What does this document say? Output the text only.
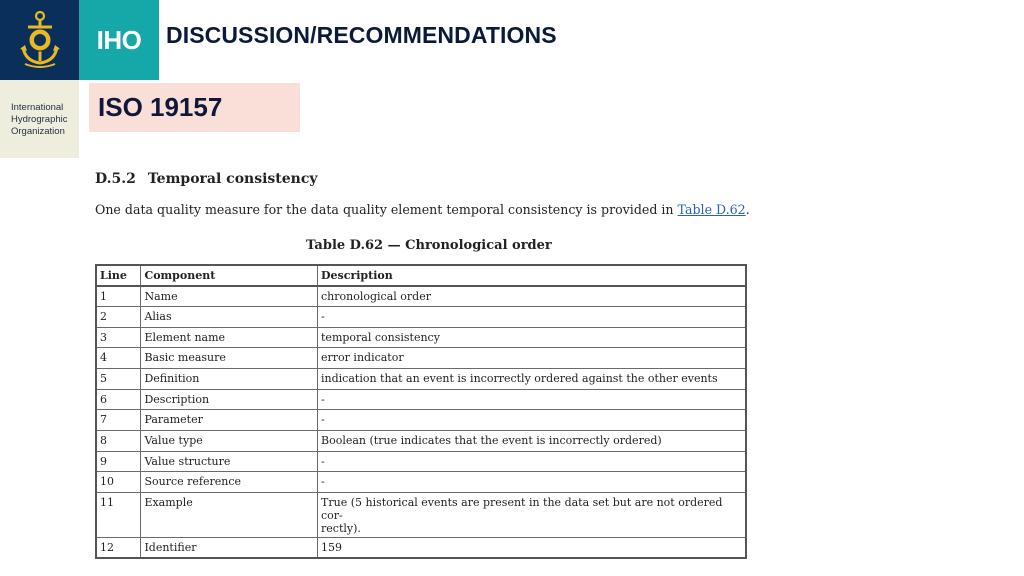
IHO
International
Hydrographic
Organization
DISCUSSION/RECOMMENDATIONS
ISO 19157
D.5.2 Temporal consistency
One data quality measure for the data quality element temporal consistency is provided in Table D.62.
Table D.62 — Chronological order
Line	Component	Description
1	Name	chronological order
2	Alias	-
3	Element name	temporal consistency
4	Basic measure	error indicator
5	Definition	indication that an event is incorrectly ordered against the other events
6	Description	-
7	Parameter	-
8	Value type	Boolean (true indicates that the event is incorrectly ordered)
9	Value structure	-
10	Source reference	-
11	Example	True (5 historical events are present in the data set but are not ordered cor-
rectly).
12	Identifier	159
